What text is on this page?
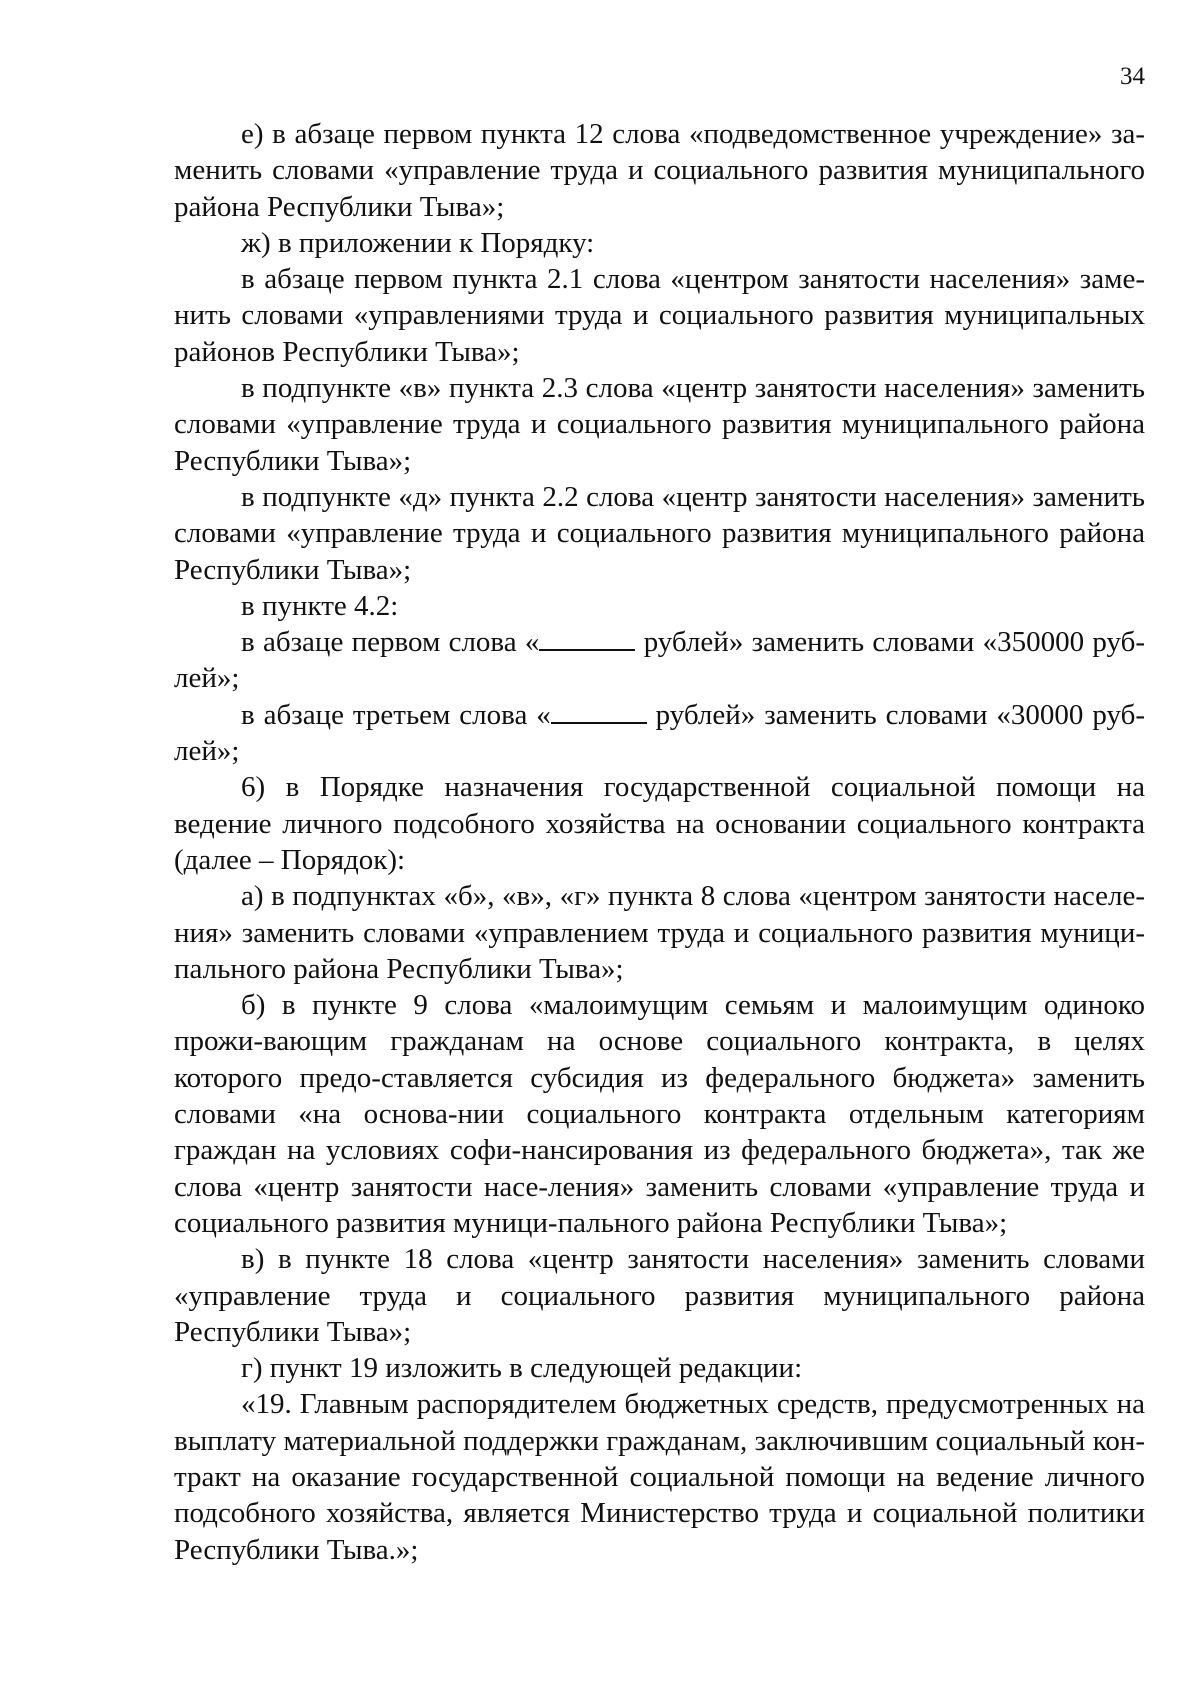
34

е) в абзаце первом пункта 12 слова «подведомственное учреждение» за-менить словами «управление труда и социального развития муниципального района Республики Тыва»;

ж) в приложении к Порядку:

в абзаце первом пункта 2.1 слова «центром занятости населения» заме-нить словами «управлениями труда и социального развития муниципальных районов Республики Тыва»;

в подпункте «в» пункта 2.3 слова «центр занятости населения» заменить словами «управление труда и социального развития муниципального района Республики Тыва»;

в подпункте «д» пункта 2.2 слова «центр занятости населения» заменить словами «управление труда и социального развития муниципального района Республики Тыва»;

в пункте 4.2:

в абзаце первом слова «	рублей» заменить словами «350000 руб-лей»;

в абзаце третьем слова «	рублей» заменить словами «30000 руб-лей»;

6) в Порядке назначения государственной социальной помощи на ведение личного подсобного хозяйства на основании социального контракта (далее – Порядок):

а) в подпунктах «б», «в», «г» пункта 8 слова «центром занятости населе-ния» заменить словами «управлением труда и социального развития муници-пального района Республики Тыва»;

б) в пункте 9 слова «малоимущим семьям и малоимущим одиноко прожи-вающим гражданам на основе социального контракта, в целях которого предо-ставляется субсидия из федерального бюджета» заменить словами «на основа-нии социального контракта отдельным категориям граждан на условиях софи-нансирования из федерального бюджета», так же слова «центр занятости насе-ления» заменить словами «управление труда и социального развития муници-пального района Республики Тыва»;

в) в пункте 18 слова «центр занятости населения» заменить словами «управление труда и социального развития муниципального района Республики Тыва»;

г) пункт 19 изложить в следующей редакции:

«19. Главным распорядителем бюджетных средств, предусмотренных на выплату материальной поддержки гражданам, заключившим социальный кон-тракт на оказание государственной социальной помощи на ведение личного подсобного хозяйства, является Министерство труда и социальной политики Республики Тыва.»;
